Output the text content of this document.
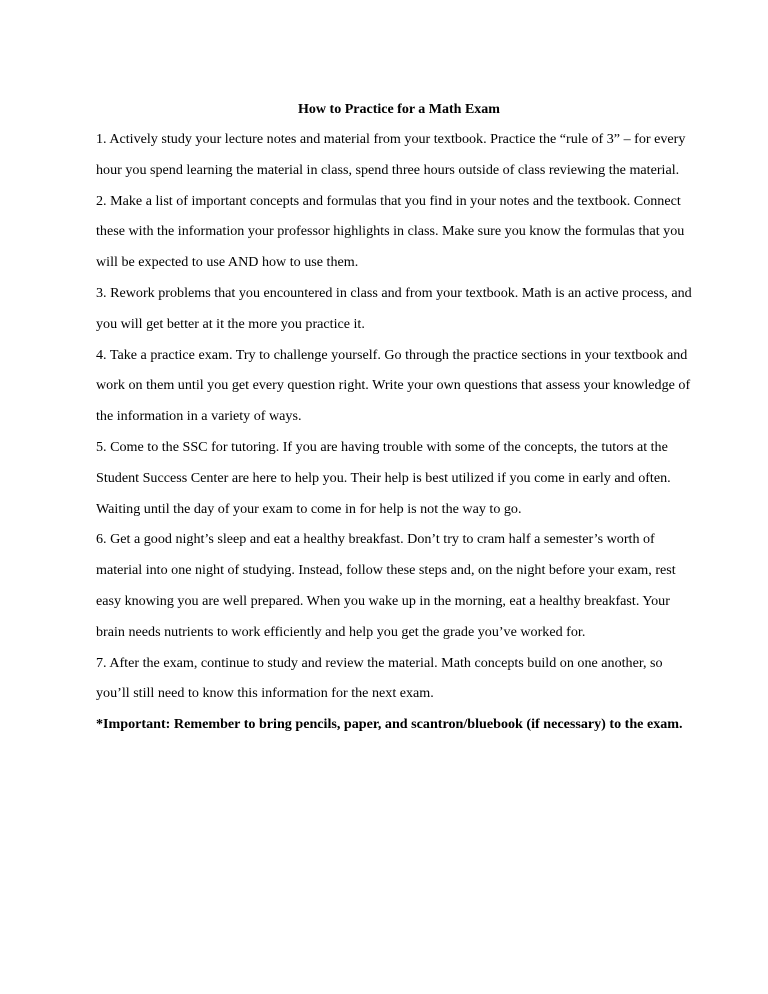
How to Practice for a Math Exam

1. Actively study your lecture notes and material from your textbook. Practice the “rule of 3” – for every hour you spend learning the material in class, spend three hours outside of class reviewing the material.

2. Make a list of important concepts and formulas that you find in your notes and the textbook. Connect these with the information your professor highlights in class. Make sure you know the formulas that you will be expected to use AND how to use them.

3. Rework problems that you encountered in class and from your textbook. Math is an active process, and you will get better at it the more you practice it.

4. Take a practice exam. Try to challenge yourself. Go through the practice sections in your textbook and work on them until you get every question right. Write your own questions that assess your knowledge of the information in a variety of ways.

5. Come to the SSC for tutoring. If you are having trouble with some of the concepts, the tutors at the Student Success Center are here to help you. Their help is best utilized if you come in early and often. Waiting until the day of your exam to come in for help is not the way to go.

6. Get a good night’s sleep and eat a healthy breakfast. Don’t try to cram half a semester’s worth of material into one night of studying. Instead, follow these steps and, on the night before your exam, rest easy knowing you are well prepared. When you wake up in the morning, eat a healthy breakfast. Your brain needs nutrients to work efficiently and help you get the grade you’ve worked for.

7. After the exam, continue to study and review the material. Math concepts build on one another, so you’ll still need to know this information for the next exam.

*Important: Remember to bring pencils, paper, and scantron/bluebook (if necessary) to the exam.
